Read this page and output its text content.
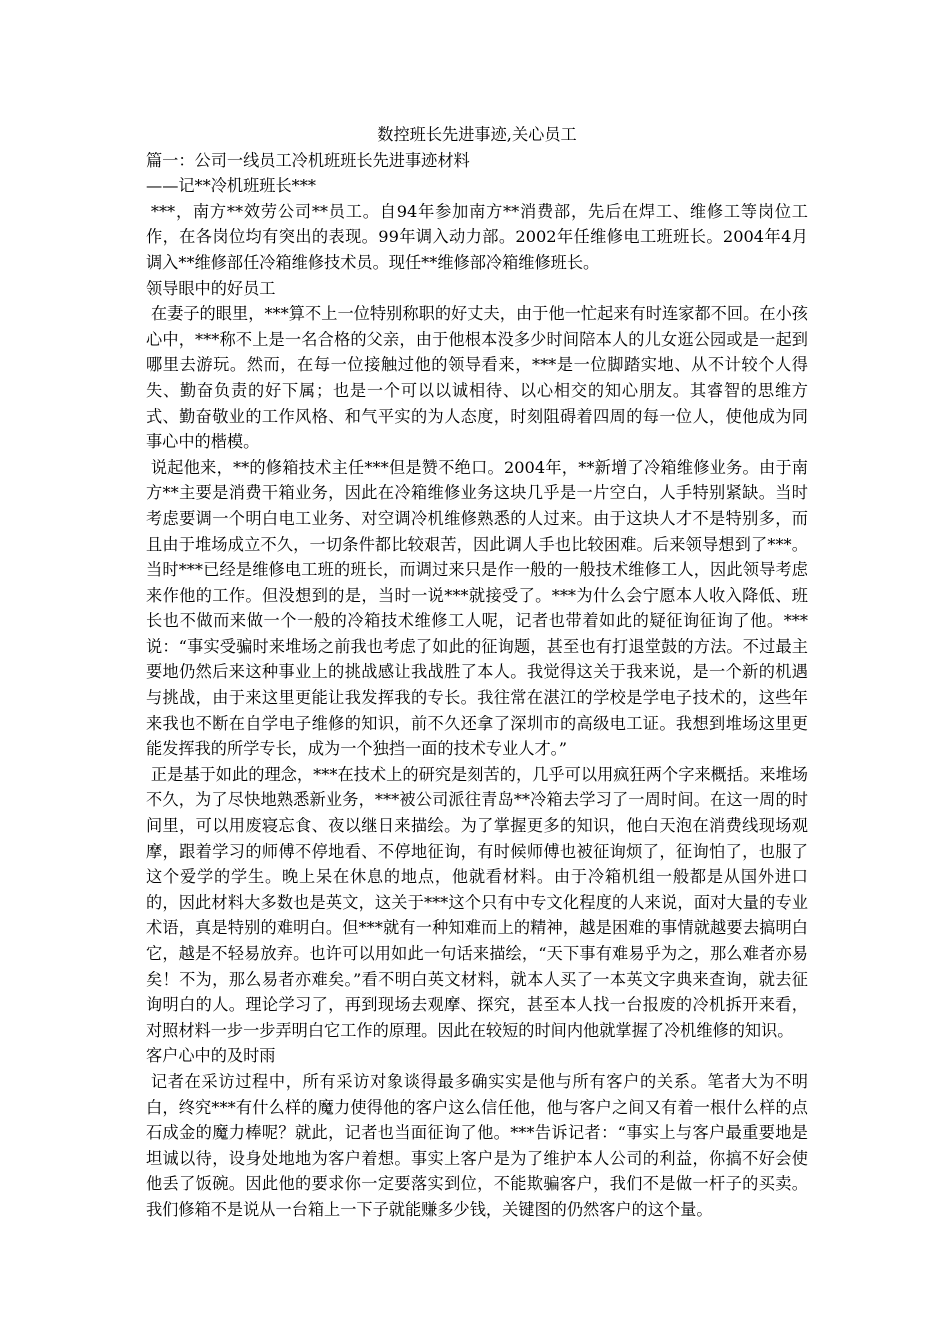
数控班长先进事迹,关心员工

篇一：公司一线员工冷机班班长先进事迹材料

——记**冷机班班长***

***，南方**效劳公司**员工。自94年参加南方**消费部，先后在焊工、维修工等岗位工作，在各岗位均有突出的表现。99年调入动力部。2002年任维修电工班班长。2004年4月调入**维修部任冷箱维修技术员。现任**维修部冷箱维修班长。

领导眼中的好员工

在妻子的眼里，***算不上一位特别称职的好丈夫，由于他一忙起来有时连家都不回。在小孩心中，***称不上是一名合格的父亲，由于他根本没多少时间陪本人的儿女逛公园或是一起到哪里去游玩。然而，在每一位接触过他的领导看来，***是一位脚踏实地、从不计较个人得失、勤奋负责的好下属；也是一个可以以诚相待、以心相交的知心朋友。其睿智的思维方式、勤奋敬业的工作风格、和气平实的为人态度，时刻阻碍着四周的每一位人，使他成为同事心中的楷模。

说起他来，**的修箱技术主任***但是赞不绝口。2004年，**新增了冷箱维修业务。由于南方**主要是消费干箱业务，因此在冷箱维修业务这块几乎是一片空白，人手特别紧缺。当时考虑要调一个明白电工业务、对空调冷机维修熟悉的人过来。由于这块人才不是特别多，而且由于堆场成立不久，一切条件都比较艰苦，因此调人手也比较困难。后来领导想到了***。当时***已经是维修电工班的班长，而调过来只是作一般的一般技术维修工人，因此领导考虑来作他的工作。但没想到的是，当时一说***就接受了。***为什么会宁愿本人收入降低、班长也不做而来做一个一般的冷箱技术维修工人呢，记者也带着如此的疑征询征询了他。***说：“事实受骗时来堆场之前我也考虑了如此的征询题，甚至也有打退堂鼓的方法。不过最主要地仍然后来这种事业上的挑战感让我战胜了本人。我觉得这关于我来说，是一个新的机遇与挑战，由于来这里更能让我发挥我的专长。我往常在湛江的学校是学电子技术的，这些年来我也不断在自学电子维修的知识，前不久还拿了深圳市的高级电工证。我想到堆场这里更能发挥我的所学专长，成为一个独挡一面的技术专业人才。”

正是基于如此的理念，***在技术上的研究是刻苦的，几乎可以用疯狂两个字来概括。来堆场不久，为了尽快地熟悉新业务，***被公司派往青岛**冷箱去学习了一周时间。在这一周的时间里，可以用废寝忘食、夜以继日来描绘。为了掌握更多的知识，他白天泡在消费线现场观摩，跟着学习的师傅不停地看、不停地征询，有时候师傅也被征询烦了，征询怕了，也服了这个爱学的学生。晚上呆在休息的地点，他就看材料。由于冷箱机组一般都是从国外进口的，因此材料大多数也是英文，这关于***这个只有中专文化程度的人来说，面对大量的专业术语，真是特别的难明白。但***就有一种知难而上的精神，越是困难的事情就越要去搞明白它，越是不轻易放弃。也许可以用如此一句话来描绘，“天下事有难易乎为之，那么难者亦易矣！不为，那么易者亦难矣。”看不明白英文材料，就本人买了一本英文字典来查询，就去征询明白的人。理论学习了，再到现场去观摩、探究，甚至本人找一台报废的冷机拆开来看，对照材料一步一步弄明白它工作的原理。因此在较短的时间内他就掌握了冷机维修的知识。

客户心中的及时雨

记者在采访过程中，所有采访对象谈得最多确实实是他与所有客户的关系。笔者大为不明白，终究***有什么样的魔力使得他的客户这么信任他，他与客户之间又有着一根什么样的点石成金的魔力棒呢？就此，记者也当面征询了他。***告诉记者：“事实上与客户最重要地是坦诚以待，设身处地地为客户着想。事实上客户是为了维护本人公司的利益，你搞不好会使他丢了饭碗。因此他的要求你一定要落实到位，不能欺骗客户，我们不是做一杆子的买卖。我们修箱不是说从一台箱上一下子就能赚多少钱，关键图的仍然客户的这个量。
